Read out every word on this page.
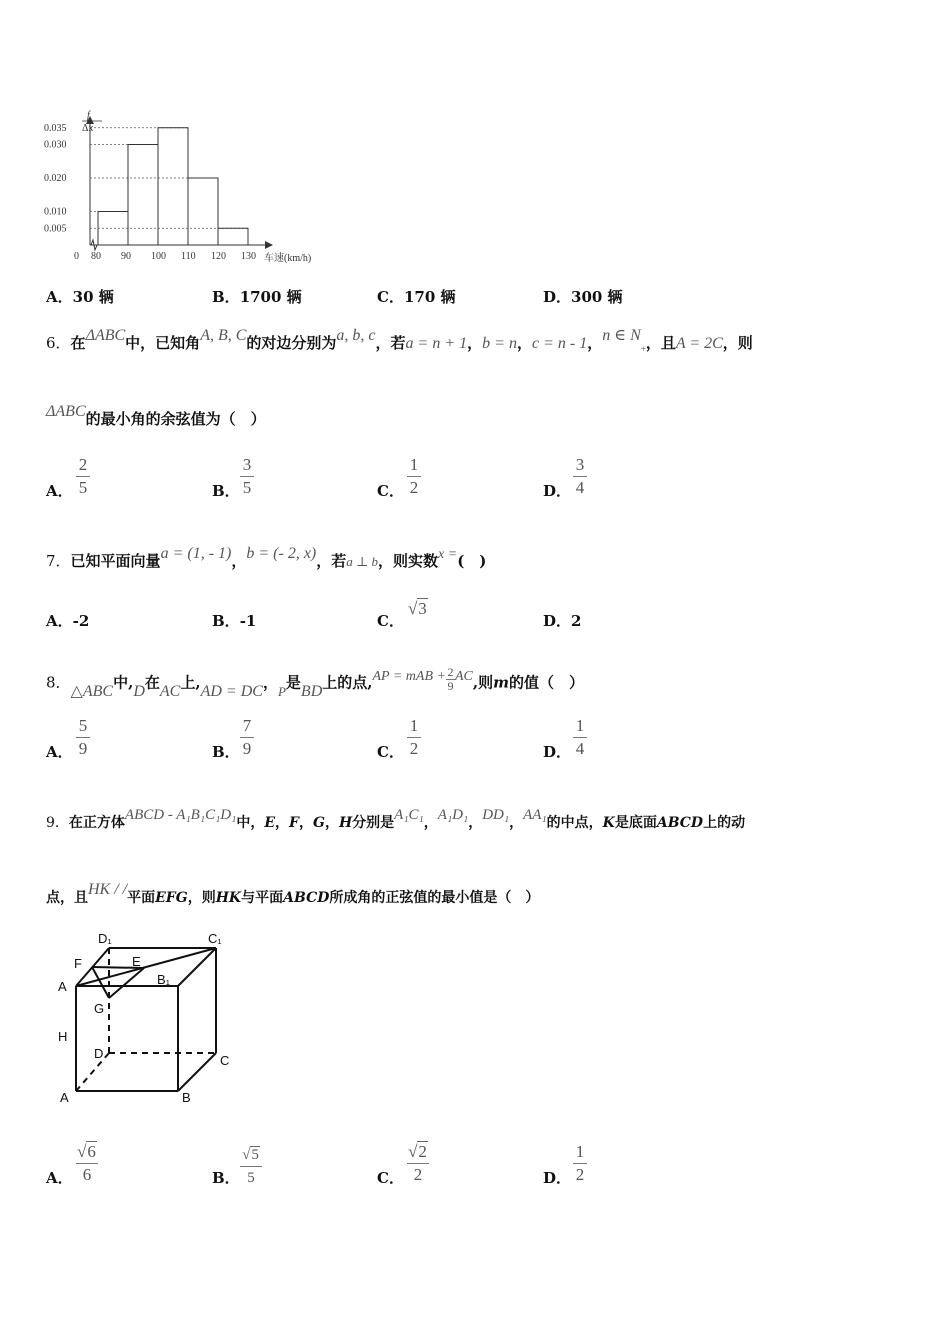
0.035
0.030
0.020
0.010
0.005
0 80 90 100 110 120 130 车速(km/h)
f
Δx
A．30 辆	B．1700 辆	C．170 辆	D．300 辆
6．在ΔABC中，已知角A, B, C的对边分别为a, b, c，若a = n + 1，b = n，c = n - 1，n ∈ $N_+$，且A = 2C，则
ΔABC的最小角的余弦值为（　）
A．
2
5	B．
3
5	C．
1
2	D．
3
4
7．已知平面向量a = (1, - 1)，b = (- 2, x)，若a ⊥ b，则实数x =(　)
A．-2	B．-1	C．√3
D．2
8．△ABC中,D在AC上,AD = DC，P是BD上的点,AP = mAB + $\frac{2}{9}$ AC,则m的值（　）
A．
5
9	B．
7
9	C．
1
2	D．
1
4
9．在正方体ABCD - A₁B₁C₁D₁中，E，F，G，H分别是A₁C₁，A₁D₁，DD₁，AA₁的中点，K是底面ABCD上的动
点，且HK / /平面EFG，则HK与平面ABCD所成角的正弦值的最小值是（　）
D₁	C₁
F	E
A	B₁
G
H
D	C
A	B
A．
√6
6	B．
√5
5	C．
√2
2	D．
1
2
